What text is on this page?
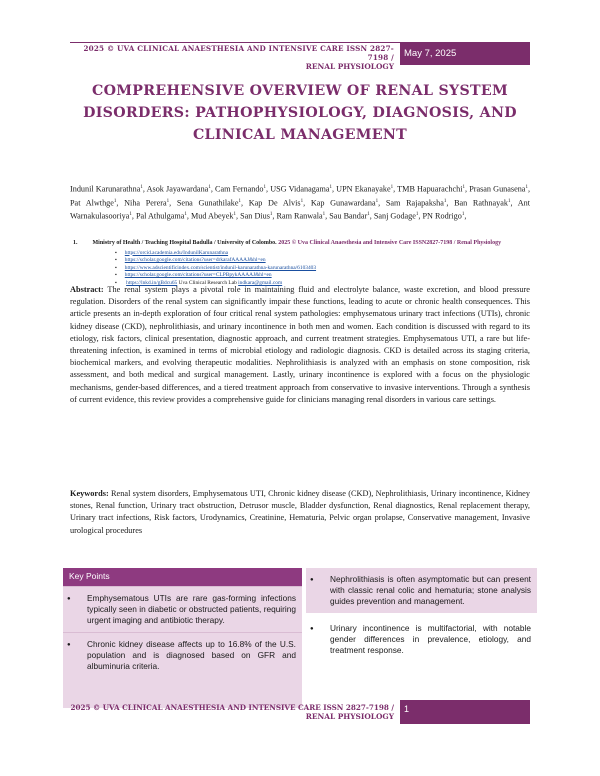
2025 © UVA CLINICAL ANAESTHESIA AND INTENSIVE CARE ISSN 2827-7198 /
RENAL PHYSIOLOGY
May 7, 2025
COMPREHENSIVE OVERVIEW OF RENAL SYSTEM DISORDERS: PATHOPHYSIOLOGY, DIAGNOSIS, AND CLINICAL MANAGEMENT
Indunil Karunarathna$^1$, Asok Jayawardana$^1$, Cam Fernando$^1$, USG Vidanagama$^1$, UPN Ekanayake$^1$, TMB Hapuarachchi$^1$, Prasan Gunasena$^1$, Pat Alwthge$^1$, Niha Perera$^1$, Sena Gunathilake$^1$, Kap De Alvis$^1$, Kap Gunawardana$^1$, Sam Rajapaksha$^1$, Ban Rathnayak$^1$, Ant Warnakulasooriya$^1$, Pal Athulgama$^1$, Mud Abeyek$^1$, San Dius$^1$, Ram Ranwala$^1$, Sau Bandar$^1$, Sanj Godage$^1$, PN Rodrigo$^1$,
1.	Ministry of Health / Teaching Hospital Badulla / University of Colombo. 2025 © Uva Clinical Anaesthesia and Intensive Care ISSN2827-7198 / Renal Physiology
▪ https://orcid.academia.edu/IndunilKarunarathna
▪ https://scholar.google.com/citations?user=drkarafAAAAJ&hl=en
▪ https://www.adscientificindex.com/scientist/indunil-karunarathna-karunarathna/6103403
▪ https://scholar.google.com/citations?user=CLPBpykAAAAJ&hl=en
▪ https://lnkd.in/gBdcu65 Uva Clinical Research Lab indkara@gmail.com
Abstract: The renal system plays a pivotal role in maintaining fluid and electrolyte balance, waste excretion, and blood pressure regulation. Disorders of the renal system can significantly impair these functions, leading to acute or chronic health consequences. This article presents an in-depth exploration of four critical renal system pathologies: emphysematous urinary tract infections (UTIs), chronic kidney disease (CKD), nephrolithiasis, and urinary incontinence in both men and women. Each condition is discussed with regard to its etiology, risk factors, clinical presentation, diagnostic approach, and current treatment strategies. Emphysematous UTI, a rare but life-threatening infection, is examined in terms of microbial etiology and radiologic diagnosis. CKD is detailed across its staging criteria, biochemical markers, and evolving therapeutic modalities. Nephrolithiasis is analyzed with an emphasis on stone composition, risk assessment, and both medical and surgical management. Lastly, urinary incontinence is explored with a focus on the physiologic mechanisms, gender-based differences, and a tiered treatment approach from conservative to invasive interventions. Through a synthesis of current evidence, this review provides a comprehensive guide for clinicians managing renal disorders in various care settings.
Keywords: Renal system disorders, Emphysematous UTI, Chronic kidney disease (CKD), Nephrolithiasis, Urinary incontinence, Kidney stones, Renal function, Urinary tract obstruction, Detrusor muscle, Bladder dysfunction, Renal diagnostics, Renal replacement therapy, Urinary tract infections, Risk factors, Urodynamics, Creatinine, Hematuria, Pelvic organ prolapse, Conservative management, Invasive urological procedures
Key Points
●	Emphysematous UTIs are rare gas-forming infections typically seen in diabetic or obstructed patients, requiring urgent imaging and antibiotic therapy.
●	Chronic kidney disease affects up to 16.8% of the U.S. population and is diagnosed based on GFR and albuminuria criteria.
●	Nephrolithiasis is often asymptomatic but can present with classic renal colic and hematuria; stone analysis guides prevention and management.
●	Urinary incontinence is multifactorial, with notable gender differences in prevalence, etiology, and treatment response.
2025 © UVA CLINICAL ANAESTHESIA AND INTENSIVE CARE ISSN 2827-7198 /
RENAL PHYSIOLOGY
1
